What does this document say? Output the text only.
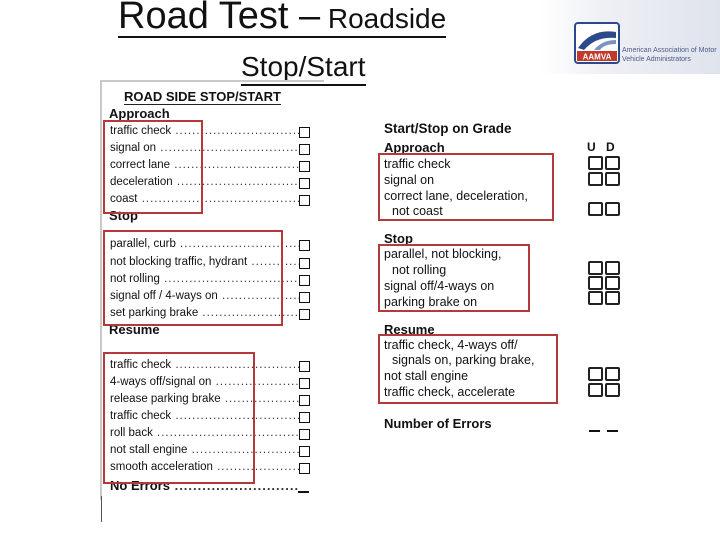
Road Test – Roadside
Stop/Start	AAMVA
American Association of Motor Vehicle Administrators
ROAD SIDE STOP/START
Approach
traffic check .....
signal on .....
correct lane .....
deceleration .....
coast .....
Stop
parallel, curb .....
not blocking traffic, hydrant .....
not rolling .....
signal off / 4-ways on .....
set parking brake .....
Resume
traffic check .....
4-ways off/signal on .....
release parking brake .....
traffic check .....
roll back .....
not stall engine .....
smooth acceleration .....
No Errors .....
Start/Stop on Grade
U D
Approach
traffic check
signal on
correct lane, deceleration,
not coast
Stop
parallel, not blocking,
not rolling
signal off/4-ways on
parking brake on
Resume
traffic check, 4-ways off/
signals on, parking brake,
not stall engine
traffic check, accelerate
Number of Errors
